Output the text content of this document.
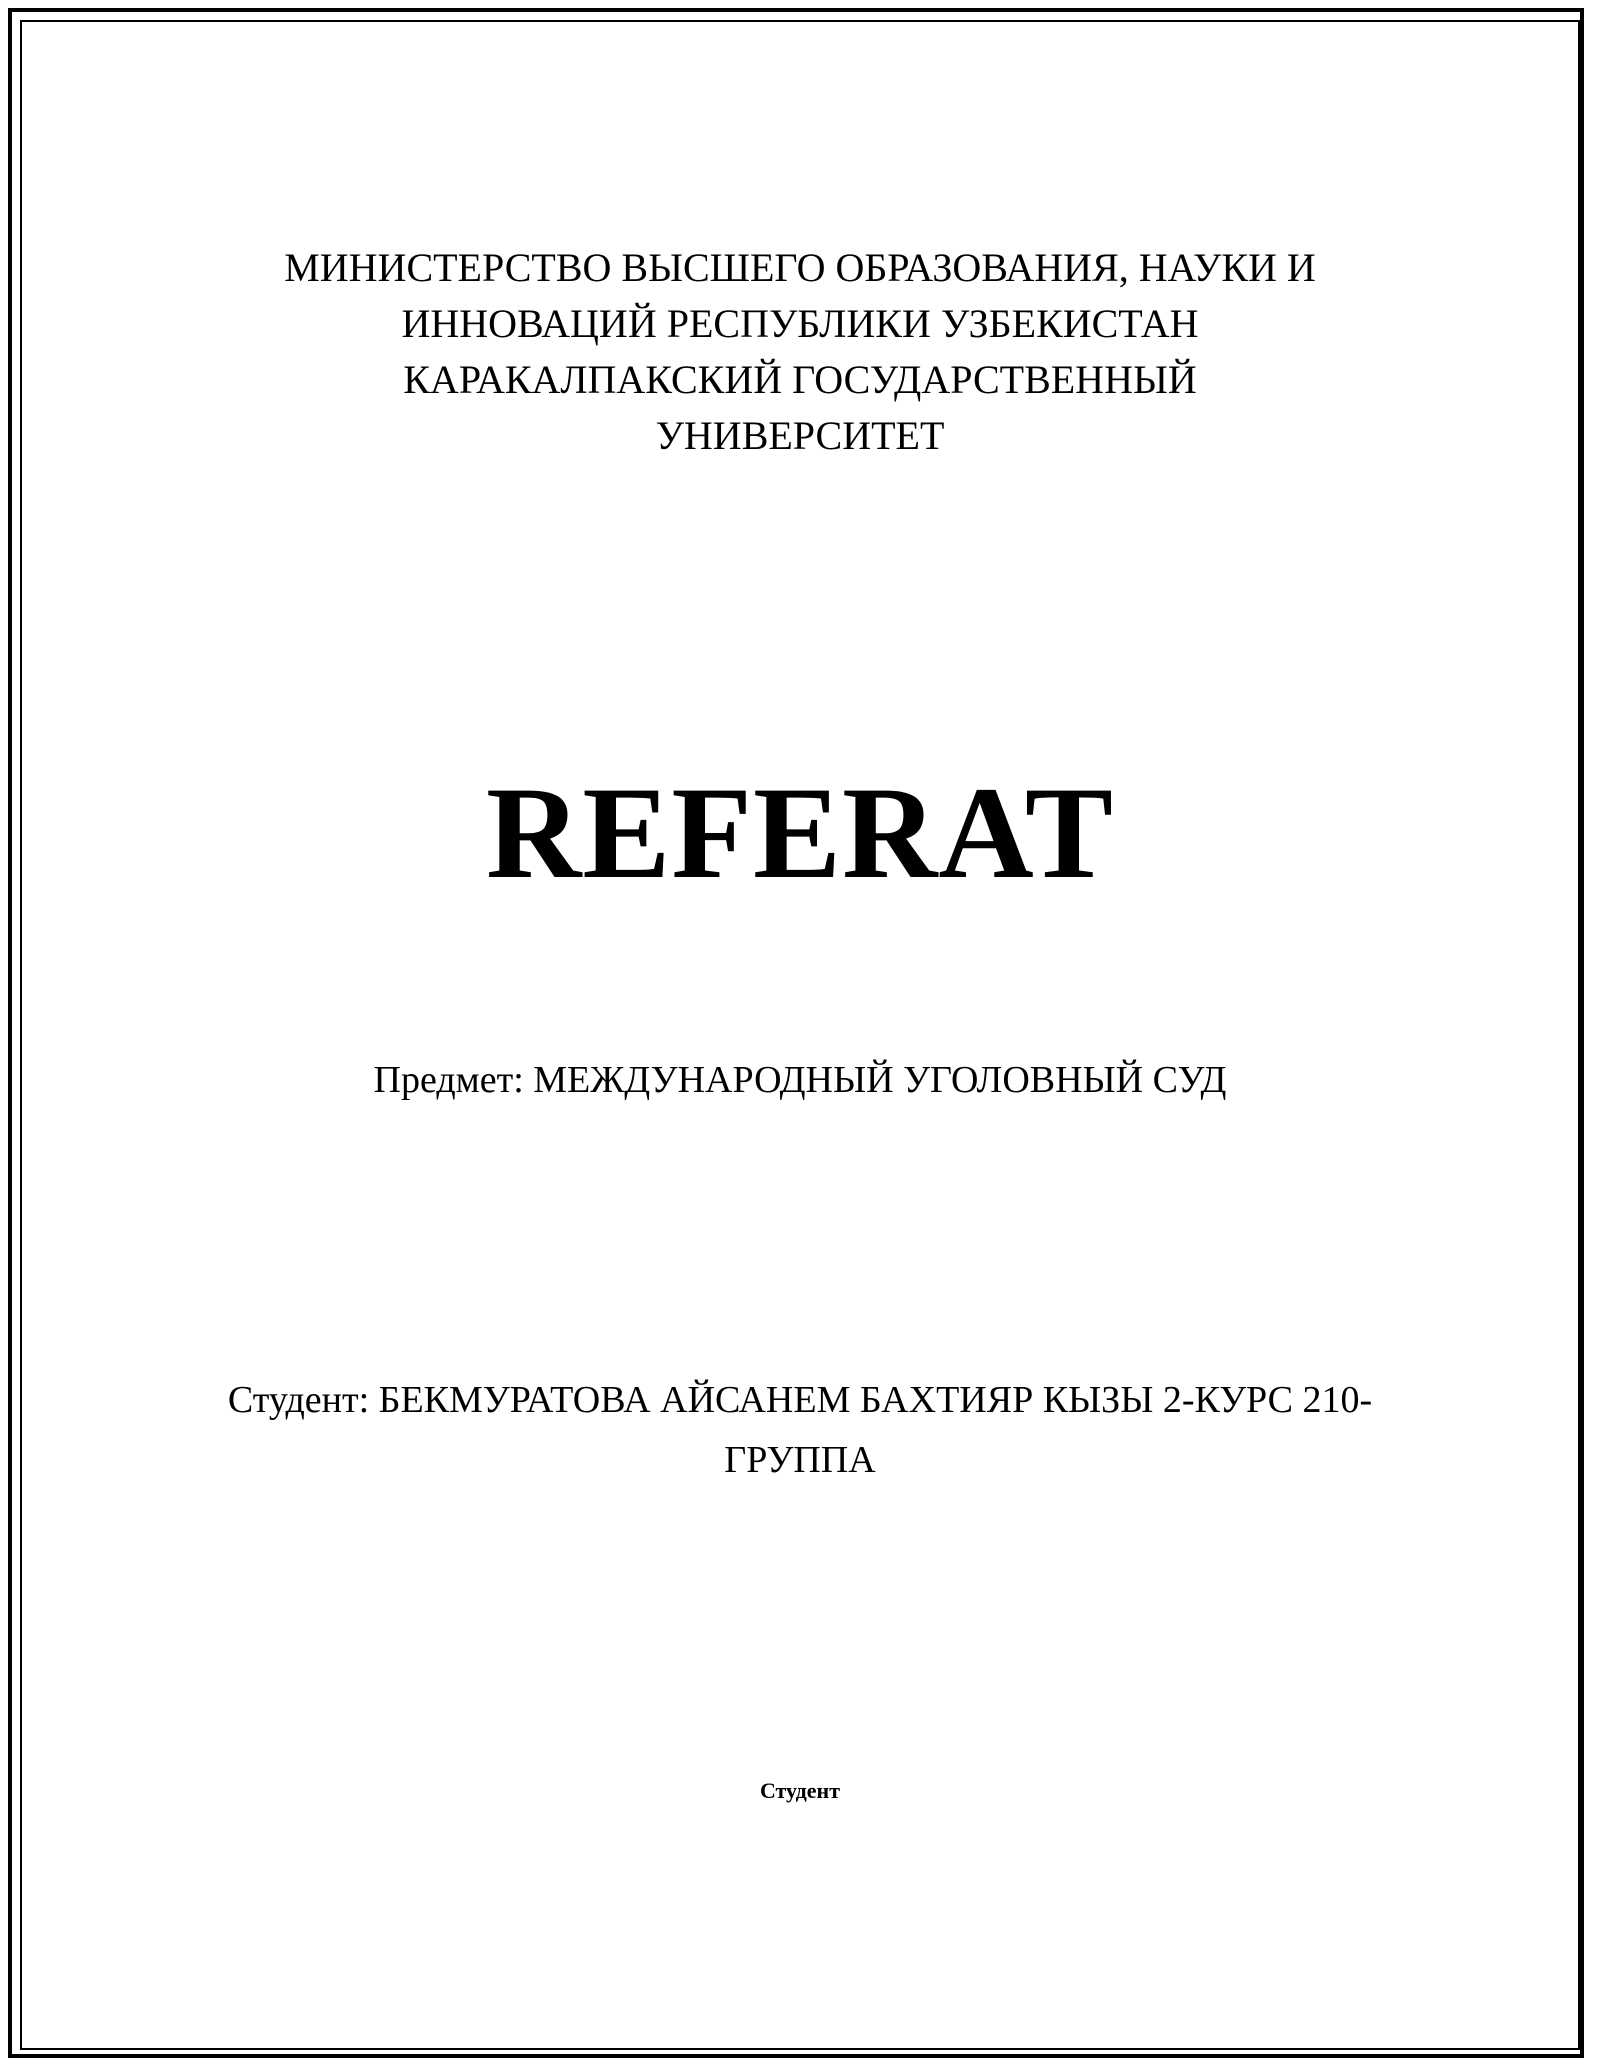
МИНИСТЕРСТВО ВЫСШЕГО ОБРАЗОВАНИЯ, НАУКИ И
ИННОВАЦИЙ РЕСПУБЛИКИ УЗБЕКИСТАН
КАРАКАЛПАКСКИЙ ГОСУДАРСТВЕННЫЙ
УНИВЕРСИТЕТ
REFERAT
Предмет: МЕЖДУНАРОДНЫЙ УГОЛОВНЫЙ СУД
Студент: БЕКМУРАТОВА АЙСАНЕМ БАХТИЯР КЫЗЫ 2-КУРС 210-
ГРУППА
Студент
